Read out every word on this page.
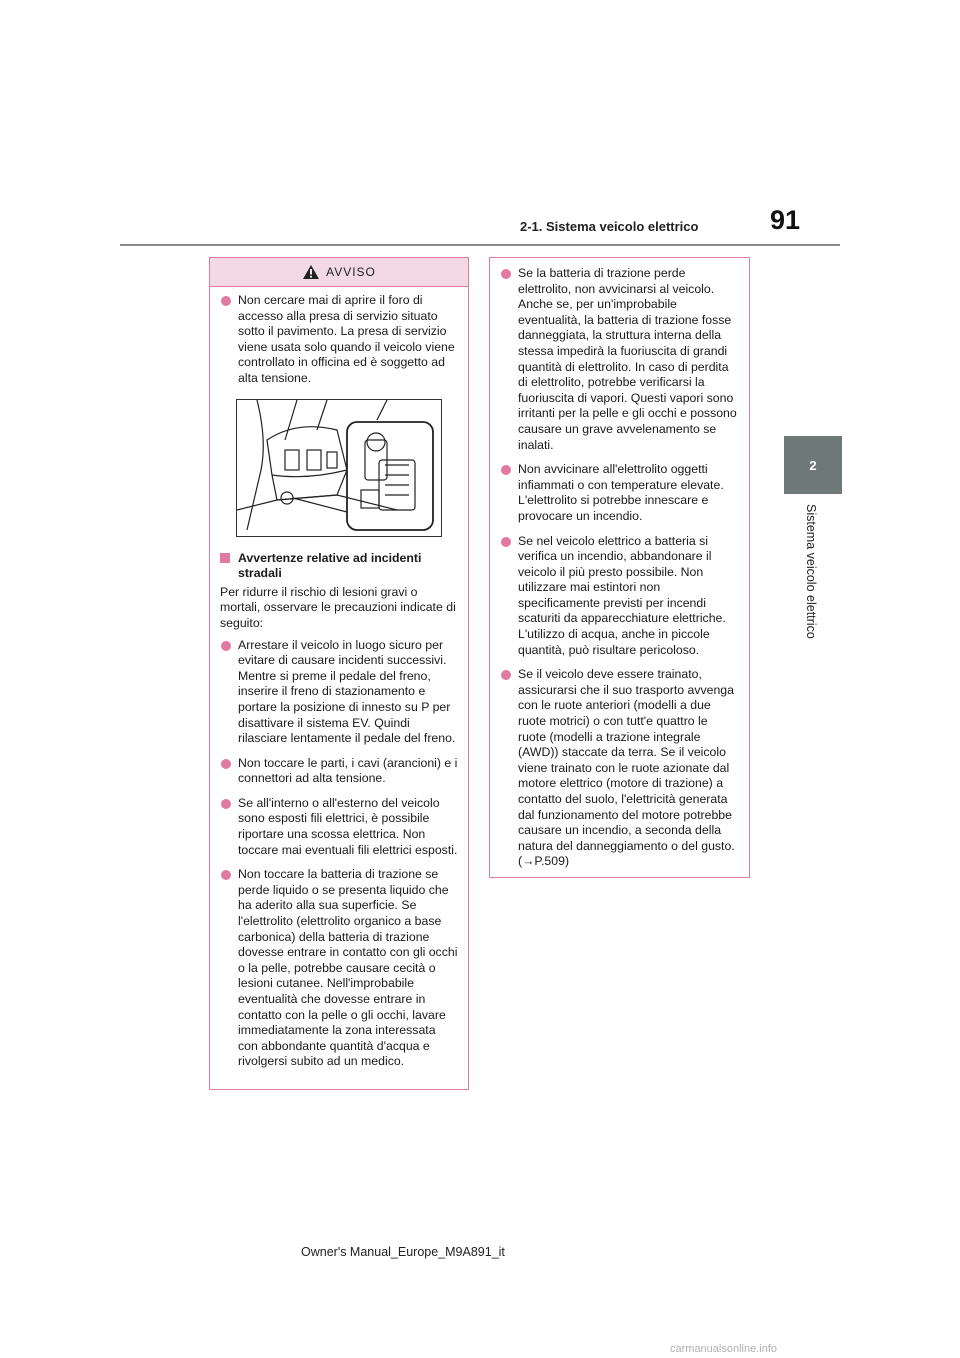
2-1. Sistema veicolo elettrico	91
2
Sistema veicolo elettrico
AVVISO
Non cercare mai di aprire il foro di accesso alla presa di servizio situato sotto il pavimento. La presa di servizio viene usata solo quando il veicolo viene controllato in officina ed è soggetto ad alta tensione.
Avvertenze relative ad incidenti stradali
Per ridurre il rischio di lesioni gravi o mortali, osservare le precauzioni indicate di seguito:
Arrestare il veicolo in luogo sicuro per evitare di causare incidenti successivi. Mentre si preme il pedale del freno, inserire il freno di stazionamento e portare la posizione di innesto su P per disattivare il sistema EV. Quindi rilasciare lentamente il pedale del freno.
Non toccare le parti, i cavi (arancioni) e i connettori ad alta tensione.
Se all'interno o all'esterno del veicolo sono esposti fili elettrici, è possibile riportare una scossa elettrica. Non toccare mai eventuali fili elettrici esposti.
Non toccare la batteria di trazione se perde liquido o se presenta liquido che ha aderito alla sua superficie. Se l'elettrolito (elettrolito organico a base carbonica) della batteria di trazione dovesse entrare in contatto con gli occhi o la pelle, potrebbe causare cecità o lesioni cutanee. Nell'improbabile eventualità che dovesse entrare in contatto con la pelle o gli occhi, lavare immediatamente la zona interessata con abbondante quantità d'acqua e rivolgersi subito ad un medico.
Se la batteria di trazione perde elettrolito, non avvicinarsi al veicolo. Anche se, per un'improbabile eventualità, la batteria di trazione fosse danneggiata, la struttura interna della stessa impedirà la fuoriuscita di grandi quantità di elettrolito. In caso di perdita di elettrolito, potrebbe verificarsi la fuoriuscita di vapori. Questi vapori sono irritanti per la pelle e gli occhi e possono causare un grave avvelenamento se inalati.
Non avvicinare all'elettrolito oggetti infiammati o con temperature elevate. L'elettrolito si potrebbe innescare e provocare un incendio.
Se nel veicolo elettrico a batteria si verifica un incendio, abbandonare il veicolo il più presto possibile. Non utilizzare mai estintori non specificamente previsti per incendi scaturiti da apparecchiature elettriche. L'utilizzo di acqua, anche in piccole quantità, può risultare pericoloso.
Se il veicolo deve essere trainato, assicurarsi che il suo trasporto avvenga con le ruote anteriori (modelli a due ruote motrici) o con tutt'e quattro le ruote (modelli a trazione integrale (AWD)) staccate da terra. Se il veicolo viene trainato con le ruote azionate dal motore elettrico (motore di trazione) a contatto del suolo, l'elettricità generata dal funzionamento del motore potrebbe causare un incendio, a seconda della natura del danneggiamento o del gusto. (→P.509)
Owner's Manual_Europe_M9A891_it
carmanualsonline.info
